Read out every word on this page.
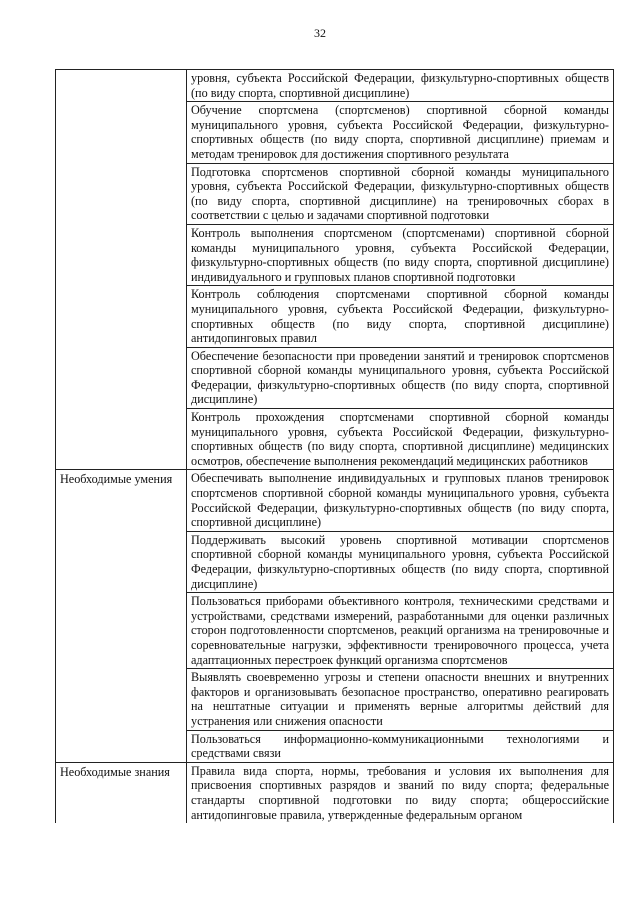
32
	уровня, субъекта Российской Федерации, физкультурно-спортивных обществ (по виду спорта, спортивной дисциплине)
	Обучение спортсмена (спортсменов) спортивной сборной команды муниципального уровня, субъекта Российской Федерации, физкультурно-спортивных обществ (по виду спорта, спортивной дисциплине) приемам и методам тренировок для достижения спортивного результата
	Подготовка спортсменов спортивной сборной команды муниципального уровня, субъекта Российской Федерации, физкультурно-спортивных обществ (по виду спорта, спортивной дисциплине) на тренировочных сборах в соответствии с целью и задачами спортивной подготовки
	Контроль выполнения спортсменом (спортсменами) спортивной сборной команды муниципального уровня, субъекта Российской Федерации, физкультурно-спортивных обществ (по виду спорта, спортивной дисциплине) индивидуального и групповых планов спортивной подготовки
	Контроль соблюдения спортсменами спортивной сборной команды муниципального уровня, субъекта Российской Федерации, физкультурно-спортивных обществ (по виду спорта, спортивной дисциплине) антидопинговых правил
	Обеспечение безопасности при проведении занятий и тренировок спортсменов спортивной сборной команды муниципального уровня, субъекта Российской Федерации, физкультурно-спортивных обществ (по виду спорта, спортивной дисциплине)
	Контроль прохождения спортсменами спортивной сборной команды муниципального уровня, субъекта Российской Федерации, физкультурно-спортивных обществ (по виду спорта, спортивной дисциплине) медицинских осмотров, обеспечение выполнения рекомендаций медицинских работников
Необходимые умения	Обеспечивать выполнение индивидуальных и групповых планов тренировок спортсменов спортивной сборной команды муниципального уровня, субъекта Российской Федерации, физкультурно-спортивных обществ (по виду спорта, спортивной дисциплине)
	Поддерживать высокий уровень спортивной мотивации спортсменов спортивной сборной команды муниципального уровня, субъекта Российской Федерации, физкультурно-спортивных обществ (по виду спорта, спортивной дисциплине)
	Пользоваться приборами объективного контроля, техническими средствами и устройствами, средствами измерений, разработанными для оценки различных сторон подготовленности спортсменов, реакций организма на тренировочные и соревновательные нагрузки, эффективности тренировочного процесса, учета адаптационных перестроек функций организма спортсменов
	Выявлять своевременно угрозы и степени опасности внешних и внутренних факторов и организовывать безопасное пространство, оперативно реагировать на нештатные ситуации и применять верные алгоритмы действий для устранения или снижения опасности
	Пользоваться информационно-коммуникационными технологиями и средствами связи
Необходимые знания	Правила вида спорта, нормы, требования и условия их выполнения для присвоения спортивных разрядов и званий по виду спорта; федеральные стандарты спортивной подготовки по виду спорта; общероссийские антидопинговые правила, утвержденные федеральным органом
